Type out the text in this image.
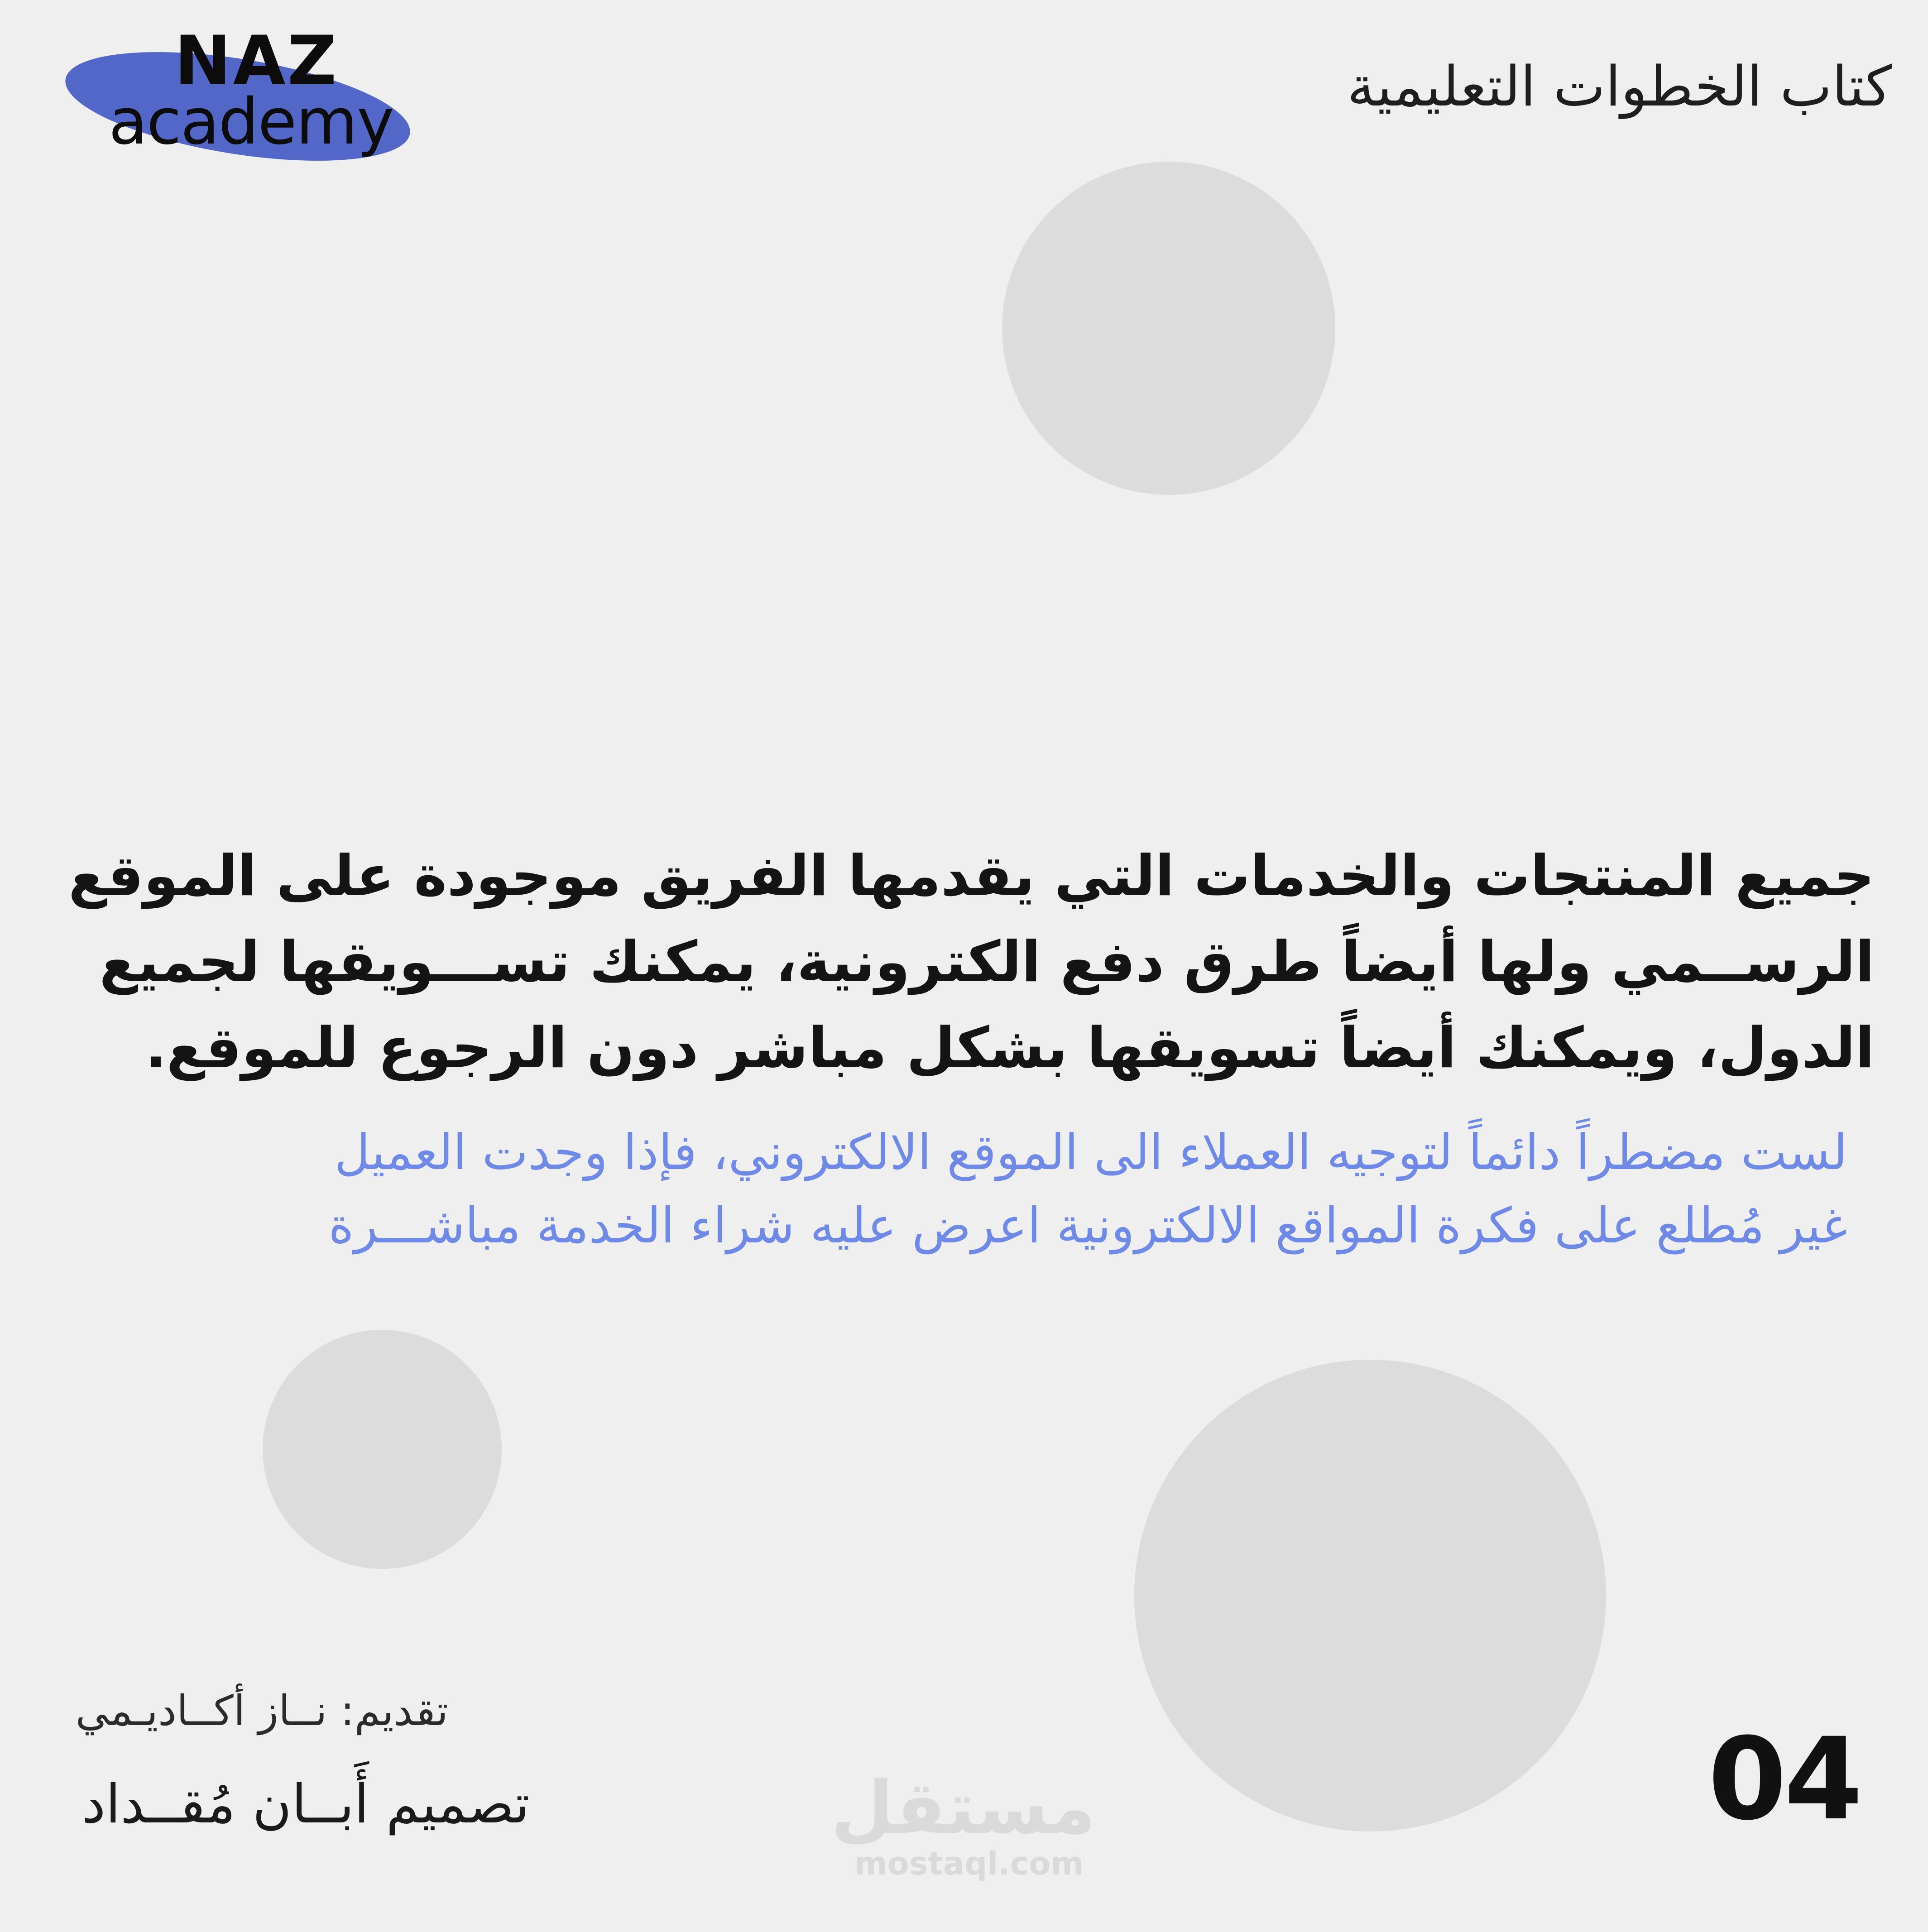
NAZ
academy	كتاب الخطوات التعليمية
جميع المنتجات والخدمات التي يقدمها الفريق موجودة على الموقع
الرســمي ولها أيضاً طرق دفع الكترونية، يمكنك تســـويقها لجميع
الدول، ويمكنك أيضاً تسويقها بشكل مباشر دون الرجوع للموقع.
لست مضطراً دائماً لتوجيه العملاء الى الموقع الالكتروني، فإذا وجدت العميل
غير مُطلع على فكرة المواقع الالكترونية اعرض عليه شراء الخدمة مباشـــرة
تقديم: نــاز أكــاديـمي
تصميم أَبــان مُقــداد	04
مستقل
mostaql.com
